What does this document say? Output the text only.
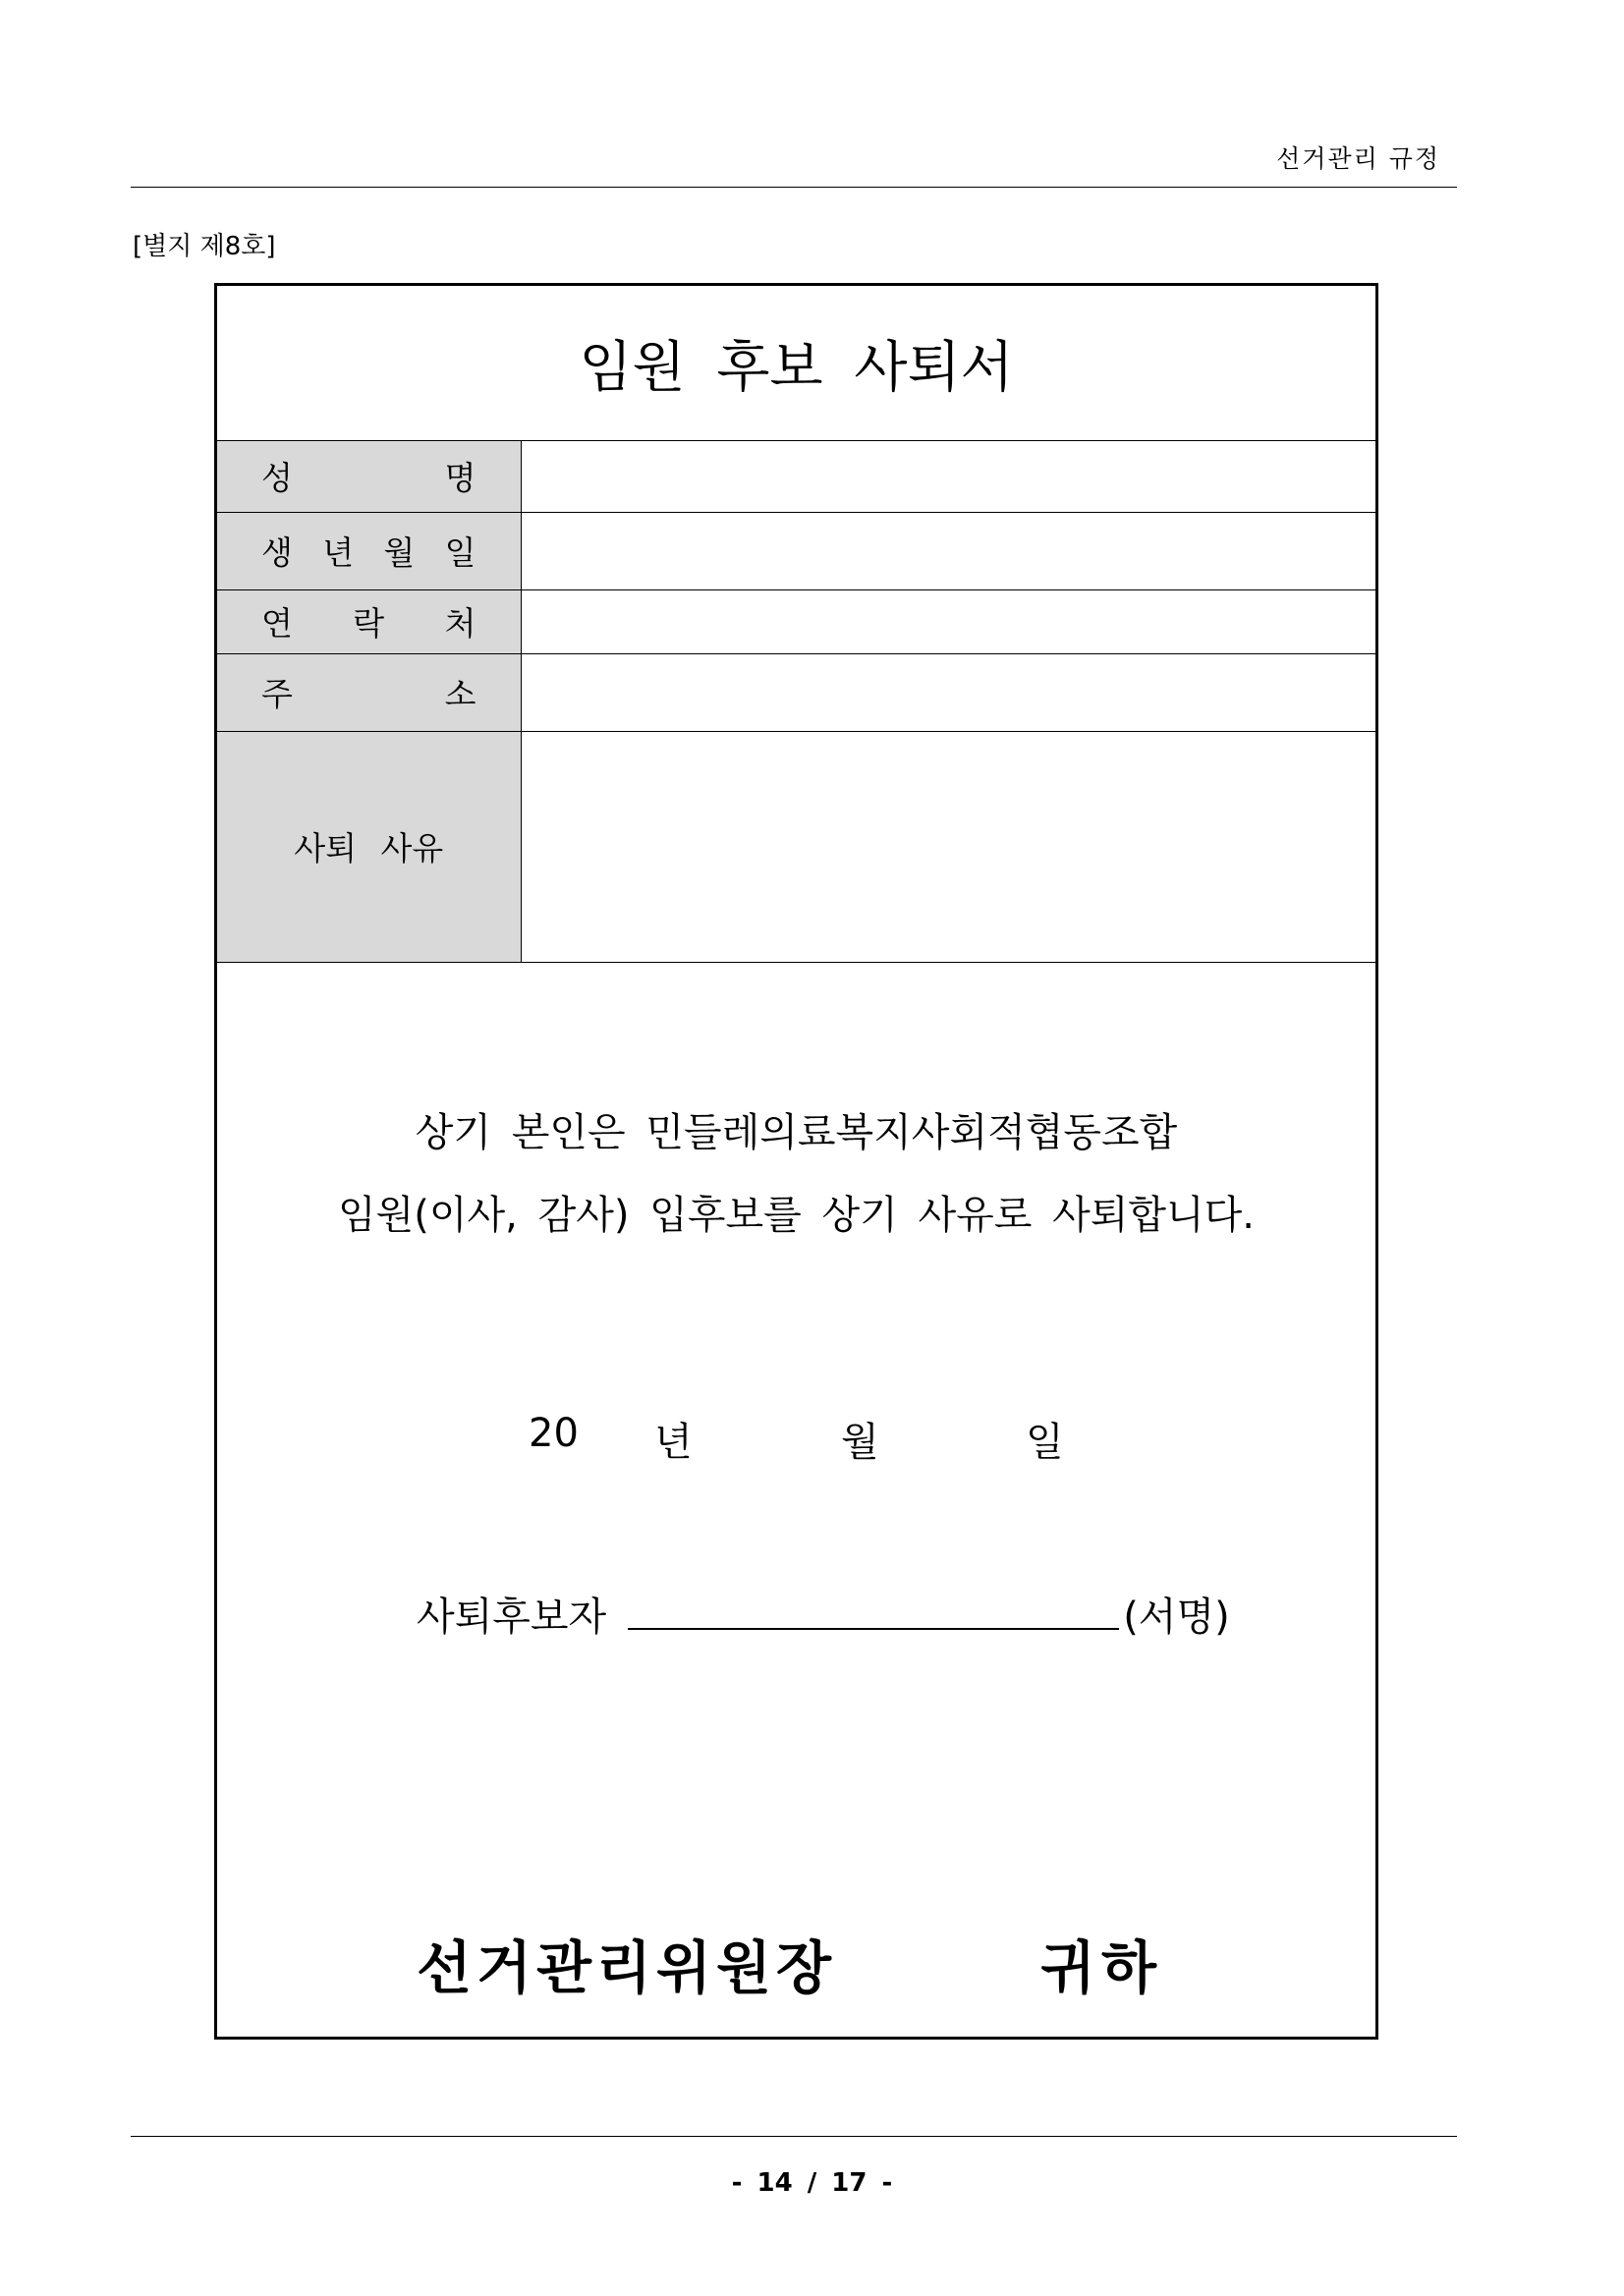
선거관리 규정
[별지 제8호]
임원 후보 사퇴서
성 명	

생 년 월 일	

연 락 처	

주 소	

사퇴 사유	

상기 본인은 민들레의료복지사회적협동조합
임원(이사, 감사) 입후보를 상기 사유로 사퇴합니다.
20 년	월	일
사퇴후보자	(서명)
선 거 관 리 위 원 장	귀 하
- 14 / 17 -
